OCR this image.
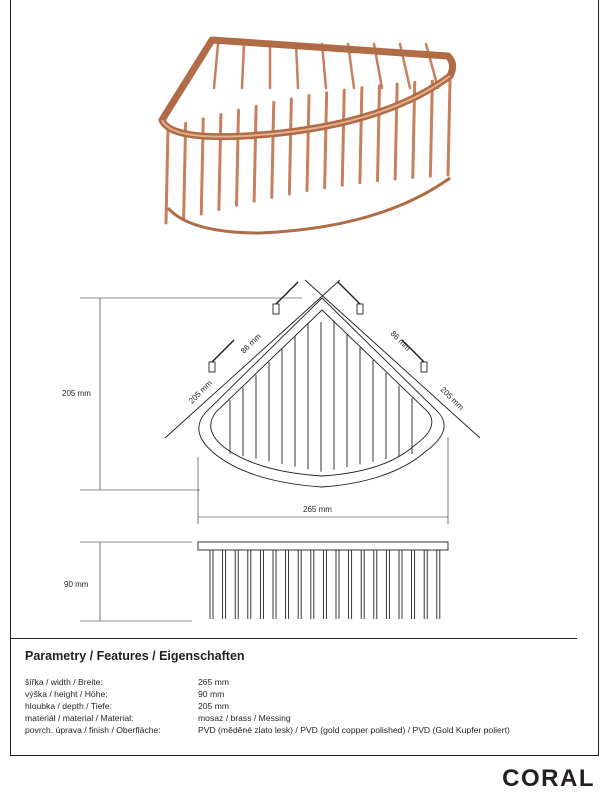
205 mm
265 mm
90 mm
205 mm
86 mm	86 mm
205 mm
Parametry / Features / Eigenschaften
šířka / width / Breite:	265 mm
výška / height / Höhe:	90 mm
hloubka / depth / Tiefe:	205 mm
materiál / material / Material:	mosaz / brass / Messing
povrch. úprava / finish / Oberfläche:	PVD (měděné zlato lesk) / PVD (gold copper polished) / PVD (Gold Kupfer poliert)

CORAL
